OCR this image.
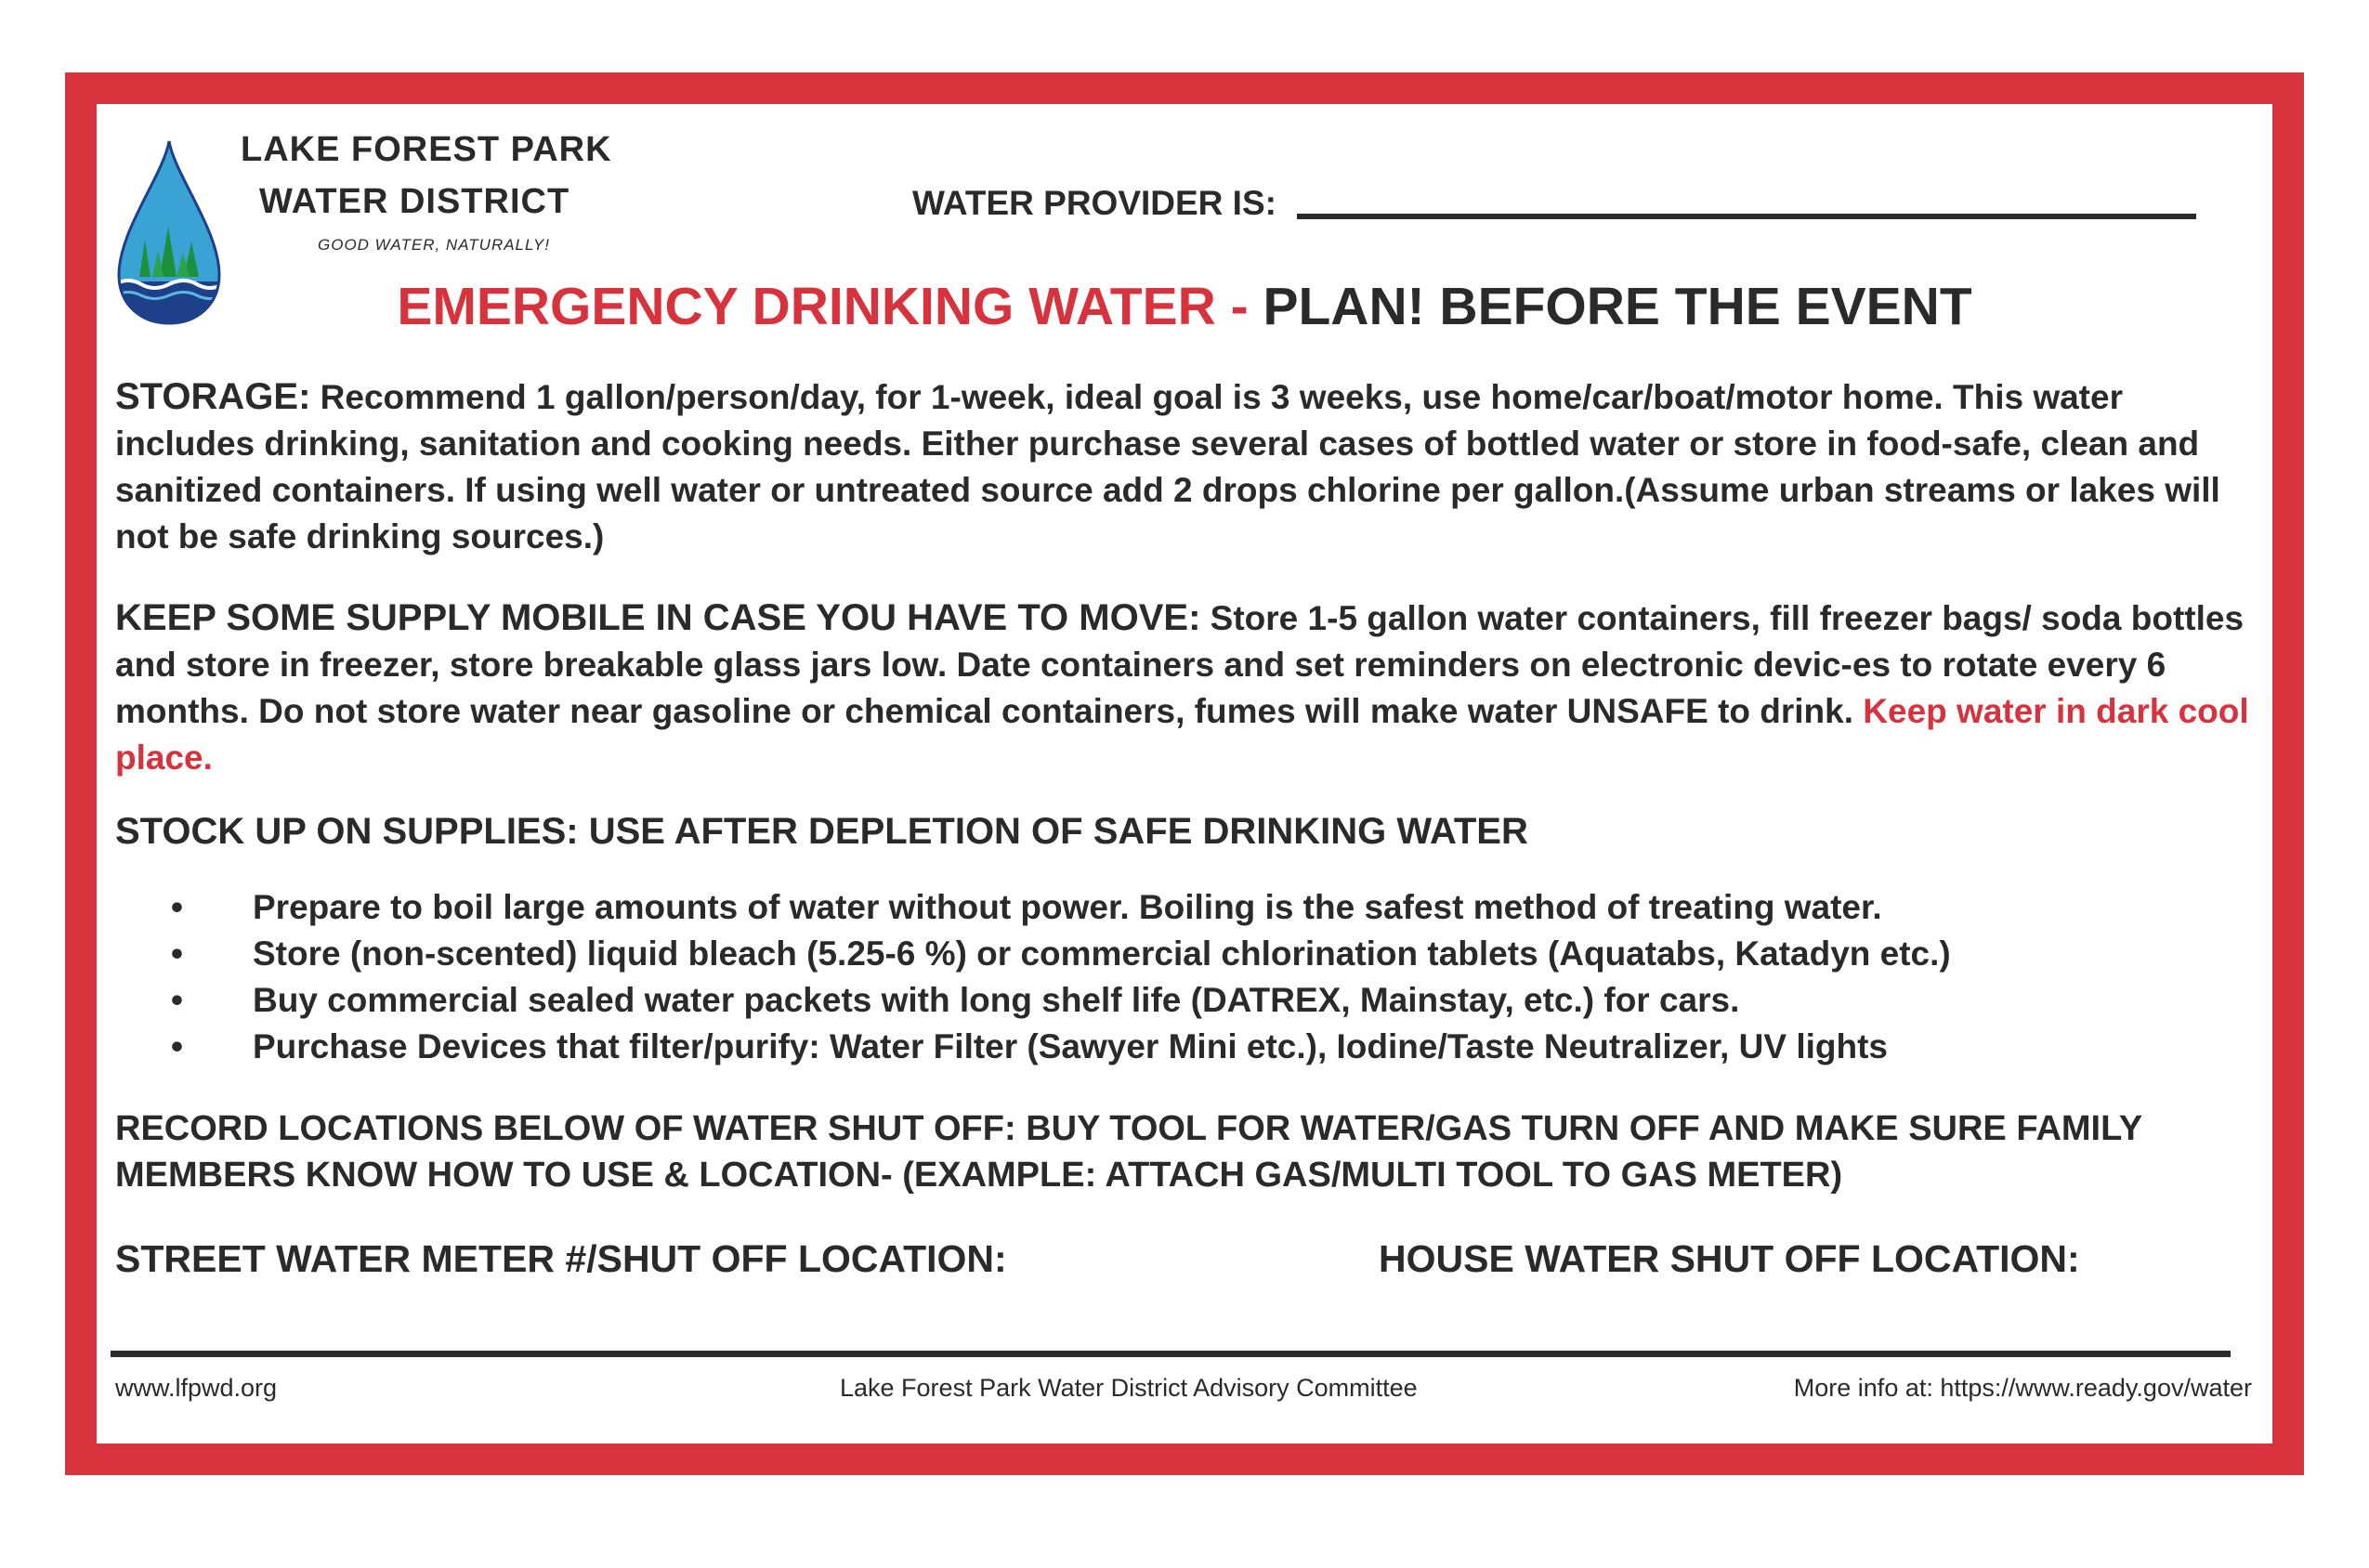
LAKE FOREST PARK
WATER DISTRICT
GOOD WATER, NATURALLY!
WATER PROVIDER IS:
EMERGENCY DRINKING WATER - PLAN! BEFORE THE EVENT
STORAGE: Recommend 1 gallon/person/day, for 1-week, ideal goal is 3 weeks, use home/car/boat/motor home. This water includes drinking, sanitation and cooking needs. Either purchase several cases of bottled water or store in food-safe, clean and sanitized containers. If using well water or untreated source add 2 drops chlorine per gallon.(Assume urban streams or lakes will not be safe drinking sources.)
KEEP SOME SUPPLY MOBILE IN CASE YOU HAVE TO MOVE: Store 1-5 gallon water containers, fill freezer bags/ soda bottles and store in freezer, store breakable glass jars low. Date containers and set reminders on electronic devic-es to rotate every 6 months. Do not store water near gasoline or chemical containers, fumes will make water UNSAFE to drink. Keep water in dark cool place.
STOCK UP ON SUPPLIES: USE AFTER DEPLETION OF SAFE DRINKING WATER
• Prepare to boil large amounts of water without power. Boiling is the safest method of treating water.
• Store (non-scented) liquid bleach (5.25-6 %) or commercial chlorination tablets (Aquatabs, Katadyn etc.)
• Buy commercial sealed water packets with long shelf life (DATREX, Mainstay, etc.) for cars.
• Purchase Devices that filter/purify: Water Filter (Sawyer Mini etc.), Iodine/Taste Neutralizer, UV lights
RECORD LOCATIONS BELOW OF WATER SHUT OFF: BUY TOOL FOR WATER/GAS TURN OFF AND MAKE SURE FAMILY MEMBERS KNOW HOW TO USE & LOCATION- (EXAMPLE: ATTACH GAS/MULTI TOOL TO GAS METER)
STREET WATER METER #/SHUT OFF LOCATION:	HOUSE WATER SHUT OFF LOCATION:
www.lfpwd.org	Lake Forest Park Water District Advisory Committee	More info at: https://www.ready.gov/water
